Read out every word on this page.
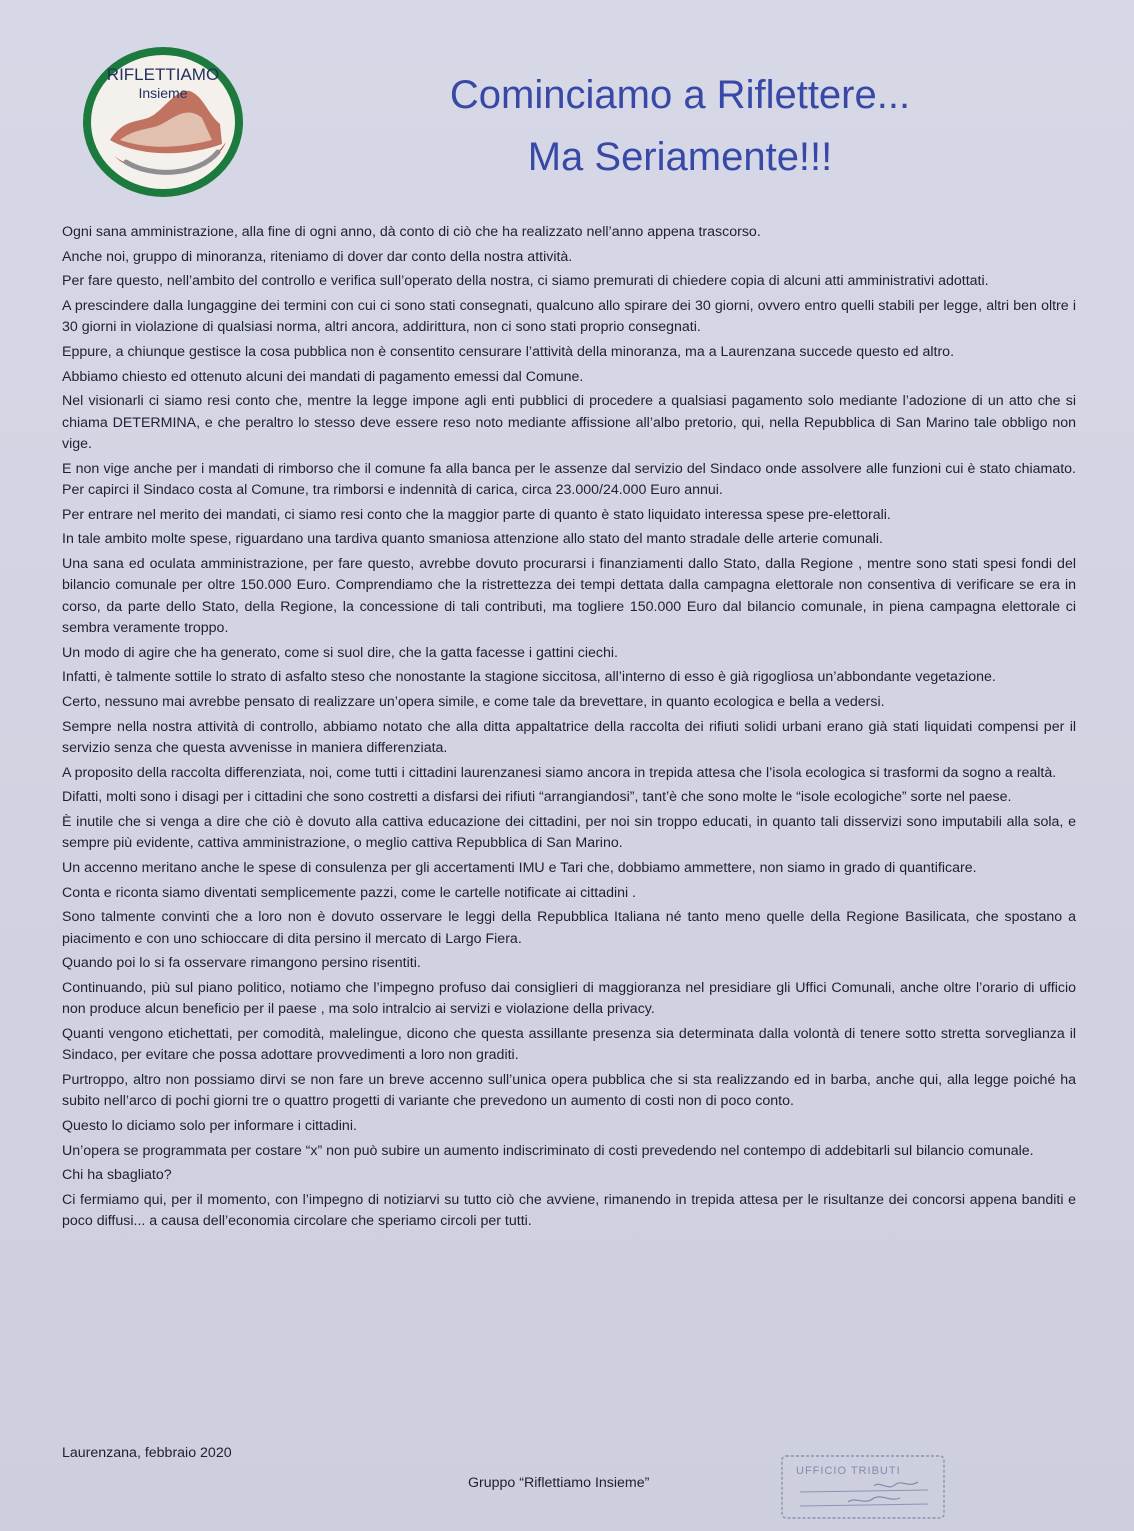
RIFLETTIAMO
Insieme	Cominciamo a Riflettere...
Ma Seriamente!!!

Ogni sana amministrazione, alla fine di ogni anno, dà conto di ciò che ha realizzato nell’anno appena trascorso.

Anche noi, gruppo di minoranza, riteniamo di dover dar conto della nostra attività.

Per fare questo, nell’ambito del controllo e verifica sull’operato della nostra, ci siamo premurati di chiedere copia di alcuni atti amministrativi adottati.

A prescindere dalla lungaggine dei termini con cui ci sono stati consegnati, qualcuno allo spirare dei 30 giorni, ovvero entro quelli stabili per legge, altri ben oltre i 30 giorni in violazione di qualsiasi norma, altri ancora, addirittura, non ci sono stati proprio consegnati.

Eppure, a chiunque gestisce la cosa pubblica non è consentito censurare l’attività della minoranza, ma a Laurenzana succede questo ed altro.

Abbiamo chiesto ed ottenuto alcuni dei mandati di pagamento emessi dal Comune.

Nel visionarli ci siamo resi conto che, mentre la legge impone agli enti pubblici di procedere a qualsiasi pagamento solo mediante l’adozione di un atto che si chiama DETERMINA, e che peraltro lo stesso deve essere reso noto mediante affissione all’albo pretorio, qui, nella Repubblica di San Marino tale obbligo non vige.

E non vige anche per i mandati di rimborso che il comune fa alla banca per le assenze dal servizio del Sindaco onde assolvere alle funzioni cui è stato chiamato. Per capirci il Sindaco costa al Comune, tra rimborsi e indennità di carica, circa 23.000/24.000 Euro annui.

Per entrare nel merito dei mandati, ci siamo resi conto che la maggior parte di quanto è stato liquidato interessa spese pre-elettorali.

In tale ambito molte spese, riguardano una tardiva quanto smaniosa attenzione allo stato del manto stradale delle arterie comunali.

Una sana ed oculata amministrazione, per fare questo, avrebbe dovuto procurarsi i finanziamenti dallo Stato, dalla Regione , mentre sono stati spesi fondi del bilancio comunale per oltre 150.000 Euro. Comprendiamo che la ristrettezza dei tempi dettata dalla campagna elettorale non consentiva di verificare se era in corso, da parte dello Stato, della Regione, la concessione di tali contributi, ma togliere 150.000 Euro dal bilancio comunale, in piena campagna elettorale ci sembra veramente troppo.

Un modo di agire che ha generato, come si suol dire, che la gatta facesse i gattini ciechi.

Infatti, è talmente sottile lo strato di asfalto steso che nonostante la stagione siccitosa, all’interno di esso è già rigogliosa un’abbondante vegetazione.

Certo, nessuno mai avrebbe pensato di realizzare un’opera simile, e come tale da brevettare, in quanto ecologica e bella a vedersi.

Sempre nella nostra attività di controllo, abbiamo notato che alla ditta appaltatrice della raccolta dei rifiuti solidi urbani erano già stati liquidati compensi per il servizio senza che questa avvenisse in maniera differenziata.

A proposito della raccolta differenziata, noi, come tutti i cittadini laurenzanesi siamo ancora in trepida attesa che l’isola ecologica si trasformi da sogno a realtà.

Difatti, molti sono i disagi per i cittadini che sono costretti a disfarsi dei rifiuti “arrangiandosi”, tant’è che sono molte le “isole ecologiche” sorte nel paese.

È inutile che si venga a dire che ciò è dovuto alla cattiva educazione dei cittadini, per noi sin troppo educati, in quanto tali disservizi sono imputabili alla sola, e sempre più evidente, cattiva amministrazione, o meglio cattiva Repubblica di San Marino.

Un accenno meritano anche le spese di consulenza per gli accertamenti IMU e Tari che, dobbiamo ammettere, non siamo in grado di quantificare.

Conta e riconta siamo diventati semplicemente pazzi, come le cartelle notificate ai cittadini .

Sono talmente convinti che a loro non è dovuto osservare le leggi della Repubblica Italiana né tanto meno quelle della Regione Basilicata, che spostano a piacimento e con uno schioccare di dita persino il mercato di Largo Fiera.

Quando poi lo si fa osservare rimangono persino risentiti.

Continuando, più sul piano politico, notiamo che l’impegno profuso dai consiglieri di maggioranza nel presidiare gli Uffici Comunali, anche oltre l’orario di ufficio non produce alcun beneficio per il paese , ma solo intralcio ai servizi e violazione della privacy.

Quanti vengono etichettati, per comodità, malelingue, dicono che questa assillante presenza sia determinata dalla volontà di tenere sotto stretta sorveglianza il Sindaco, per evitare che possa adottare provvedimenti a loro non graditi.

Purtroppo, altro non possiamo dirvi se non fare un breve accenno sull’unica opera pubblica che si sta realizzando ed in barba, anche qui, alla legge poiché ha subito nell’arco di pochi giorni tre o quattro progetti di variante che prevedono un aumento di costi non di poco conto.

Questo lo diciamo solo per informare i cittadini.

Un’opera se programmata per costare “x” non può subire un aumento indiscriminato di costi prevedendo nel contempo di addebitarli sul bilancio comunale.

Chi ha sbagliato?

Ci fermiamo qui, per il momento, con l’impegno di notiziarvi su tutto ciò che avviene, rimanendo in trepida attesa per le risultanze dei concorsi appena banditi e poco diffusi... a causa dell’economia circolare che speriamo circoli per tutti.

Laurenzana, febbraio 2020
Gruppo “Riflettiamo Insieme”
UFFICIO TRIBUTI
